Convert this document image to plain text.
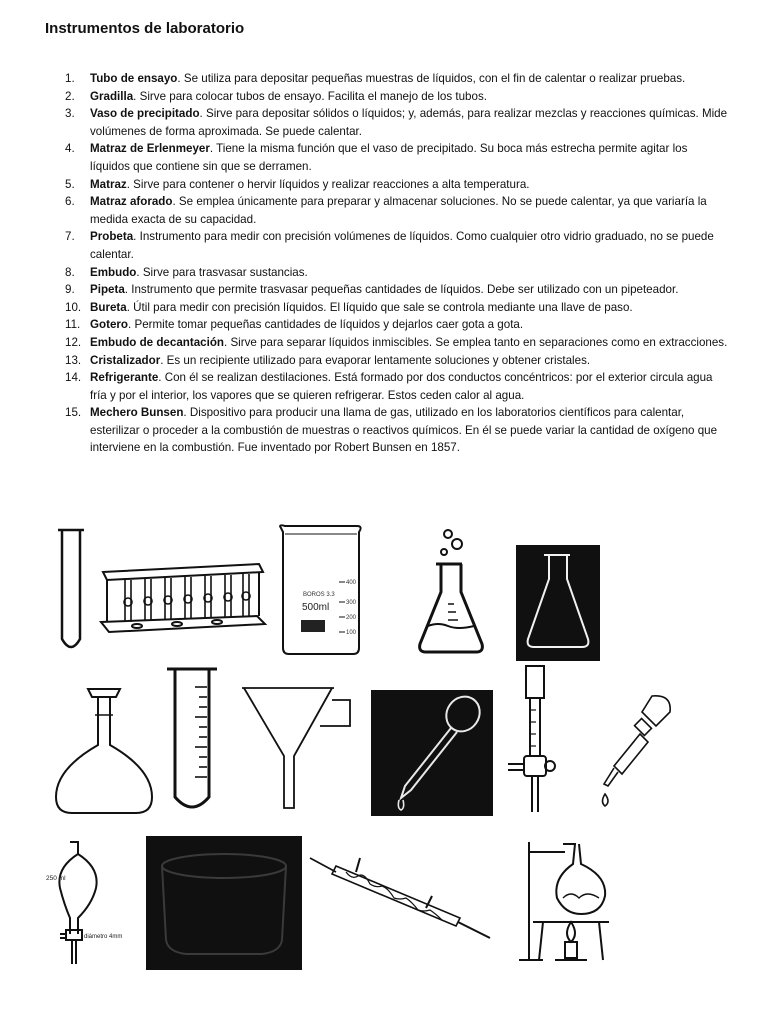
Instrumentos de laboratorio
1. Tubo de ensayo. Se utiliza para depositar pequeñas muestras de líquidos, con el fin de calentar o realizar pruebas.
2. Gradilla. Sirve para colocar tubos de ensayo. Facilita el manejo de los tubos.
3. Vaso de precipitado. Sirve para depositar sólidos o líquidos; y, además, para realizar mezclas y reacciones químicas. Mide volúmenes de forma aproximada. Se puede calentar.
4. Matraz de Erlenmeyer. Tiene la misma función que el vaso de precipitado. Su boca más estrecha permite agitar los líquidos que contiene sin que se derramen.
5. Matraz. Sirve para contener o hervir líquidos y realizar reacciones a alta temperatura.
6. Matraz aforado. Se emplea únicamente para preparar y almacenar soluciones. No se puede calentar, ya que variaría la medida exacta de su capacidad.
7. Probeta. Instrumento para medir con precisión volúmenes de líquidos. Como cualquier otro vidrio graduado, no se puede calentar.
8. Embudo. Sirve para trasvasar sustancias.
9. Pipeta. Instrumento que permite trasvasar pequeñas cantidades de líquidos. Debe ser utilizado con un pipeteador.
10. Bureta. Útil para medir con precisión líquidos. El líquido que sale se controla mediante una llave de paso.
11. Gotero. Permite tomar pequeñas cantidades de líquidos y dejarlos caer gota a gota.
12. Embudo de decantación. Sirve para separar líquidos inmiscibles. Se emplea tanto en separaciones como en extracciones.
13. Cristalizador. Es un recipiente utilizado para evaporar lentamente soluciones y obtener cristales.
14. Refrigerante. Con él se realizan destilaciones. Está formado por dos conductos concéntricos: por el exterior circula agua fría y por el interior, los vapores que se quieren refrigerar. Estos ceden calor al agua.
15. Mechero Bunsen. Dispositivo para producir una llama de gas, utilizado en los laboratorios científicos para calentar, esterilizar o proceder a la combustión de muestras o reactivos químicos. En él se puede variar la cantidad de oxígeno que interviene en la combustión. Fue inventado por Robert Bunsen en 1857.
BOROS 3.3
500ml
400
300
200
100
250 ml
diámetro 4mm
